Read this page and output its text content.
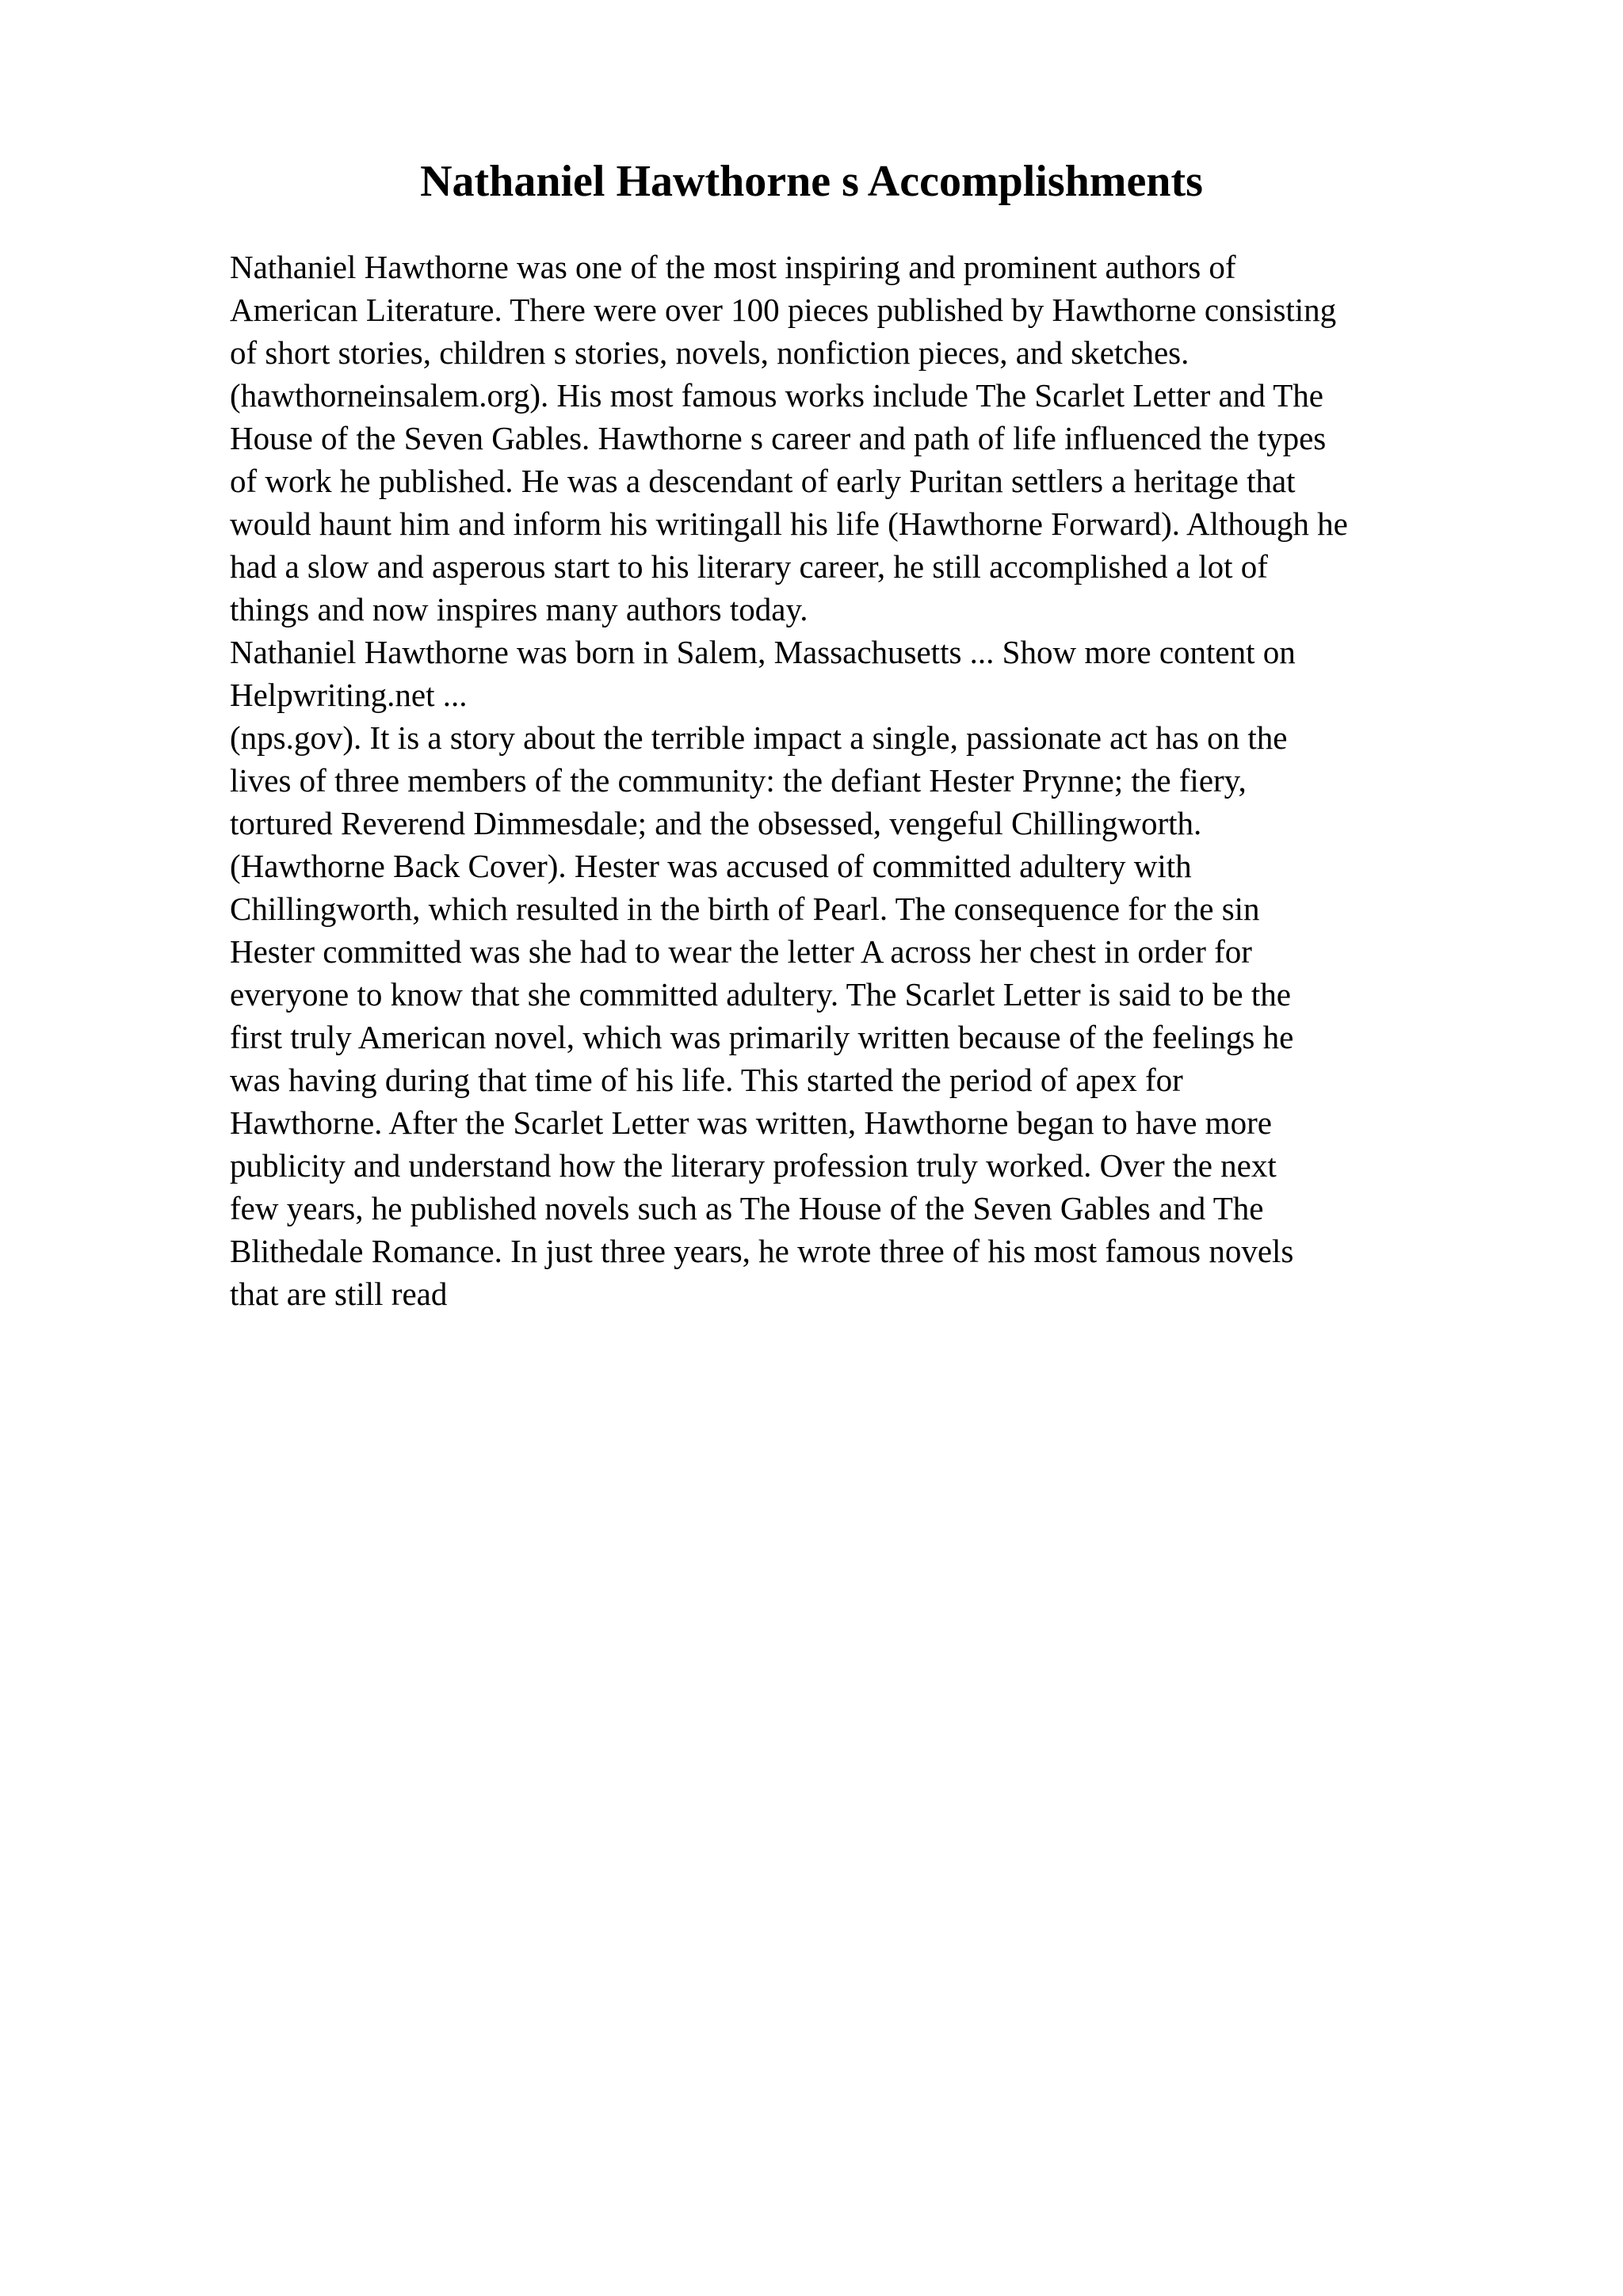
Nathaniel Hawthorne s Accomplishments
Nathaniel Hawthorne was one of the most inspiring and prominent authors of
American Literature. There were over 100 pieces published by Hawthorne consisting
of short stories, children s stories, novels, nonfiction pieces, and sketches.
(hawthorneinsalem.org). His most famous works include The Scarlet Letter and The
House of the Seven Gables. Hawthorne s career and path of life influenced the types
of work he published. He was a descendant of early Puritan settlers a heritage that
would haunt him and inform his writingall his life (Hawthorne Forward). Although he
had a slow and asperous start to his literary career, he still accomplished a lot of
things and now inspires many authors today.
Nathaniel Hawthorne was born in Salem, Massachusetts ... Show more content on
Helpwriting.net ...
(nps.gov). It is a story about the terrible impact a single, passionate act has on the
lives of three members of the community: the defiant Hester Prynne; the fiery,
tortured Reverend Dimmesdale; and the obsessed, vengeful Chillingworth.
(Hawthorne Back Cover). Hester was accused of committed adultery with
Chillingworth, which resulted in the birth of Pearl. The consequence for the sin
Hester committed was she had to wear the letter A across her chest in order for
everyone to know that she committed adultery. The Scarlet Letter is said to be the
first truly American novel, which was primarily written because of the feelings he
was having during that time of his life. This started the period of apex for
Hawthorne. After the Scarlet Letter was written, Hawthorne began to have more
publicity and understand how the literary profession truly worked. Over the next
few years, he published novels such as The House of the Seven Gables and The
Blithedale Romance. In just three years, he wrote three of his most famous novels
that are still read
